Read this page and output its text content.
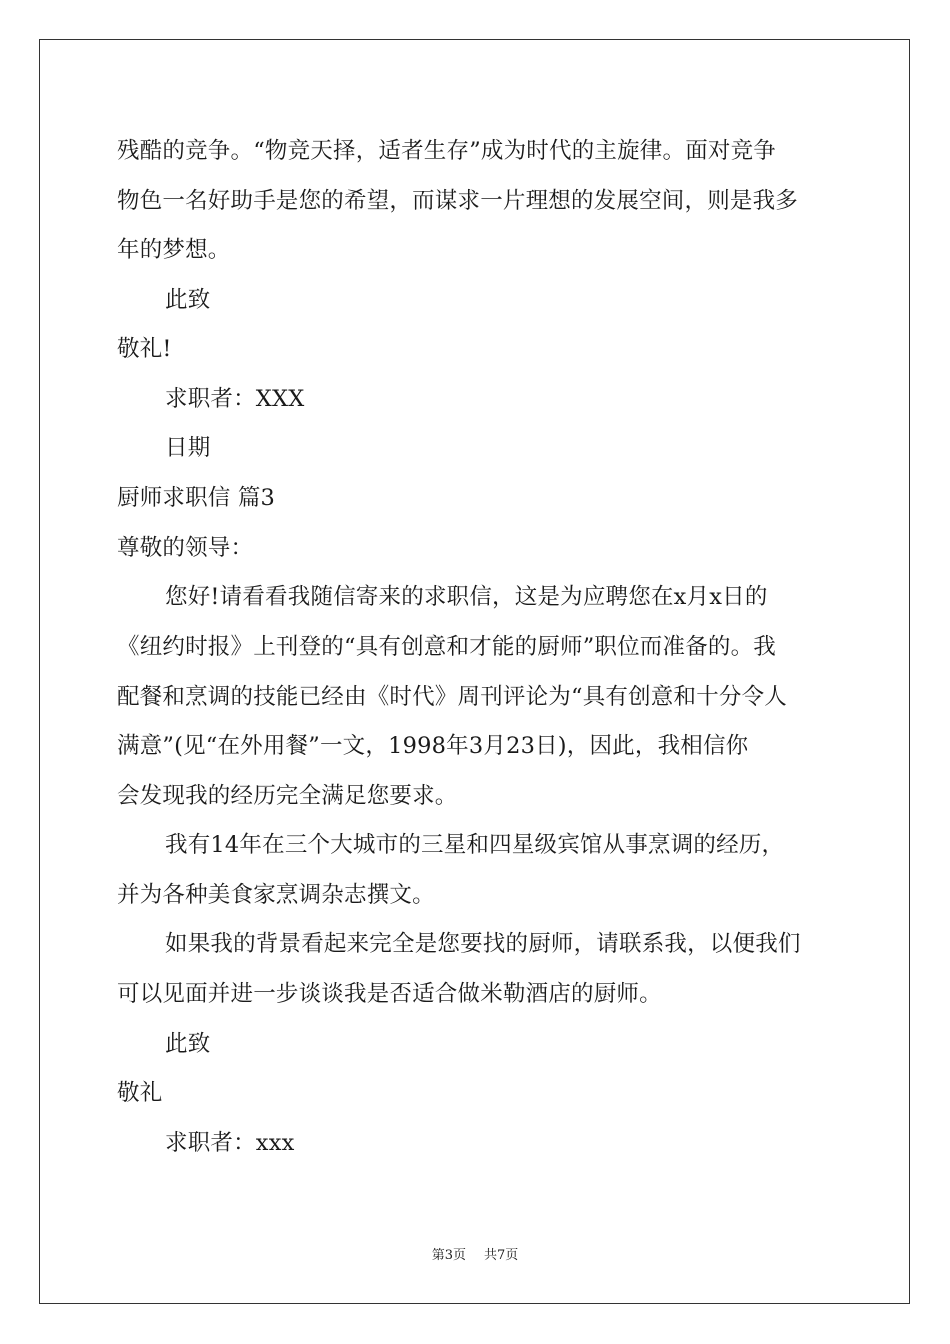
残酷的竞争。“物竞天择，适者生存”成为时代的主旋律。面对竞争
物色一名好助手是您的希望，而谋求一片理想的发展空间，则是我多
年的梦想。
此致
敬礼!
求职者：XXX
日期
厨师求职信 篇3
尊敬的领导：
您好!请看看我随信寄来的求职信，这是为应聘您在x月x日的
《纽约时报》上刊登的“具有创意和才能的厨师”职位而准备的。我
配餐和烹调的技能已经由《时代》周刊评论为“具有创意和十分令人
满意”(见“在外用餐”一文，1998年3月23日)，因此，我相信你
会发现我的经历完全满足您要求。
我有14年在三个大城市的三星和四星级宾馆从事烹调的经历，
并为各种美食家烹调杂志撰文。
如果我的背景看起来完全是您要找的厨师，请联系我，以便我们
可以见面并进一步谈谈我是否适合做米勒酒店的厨师。
此致
敬礼
求职者：xxx
第3页 共7页
